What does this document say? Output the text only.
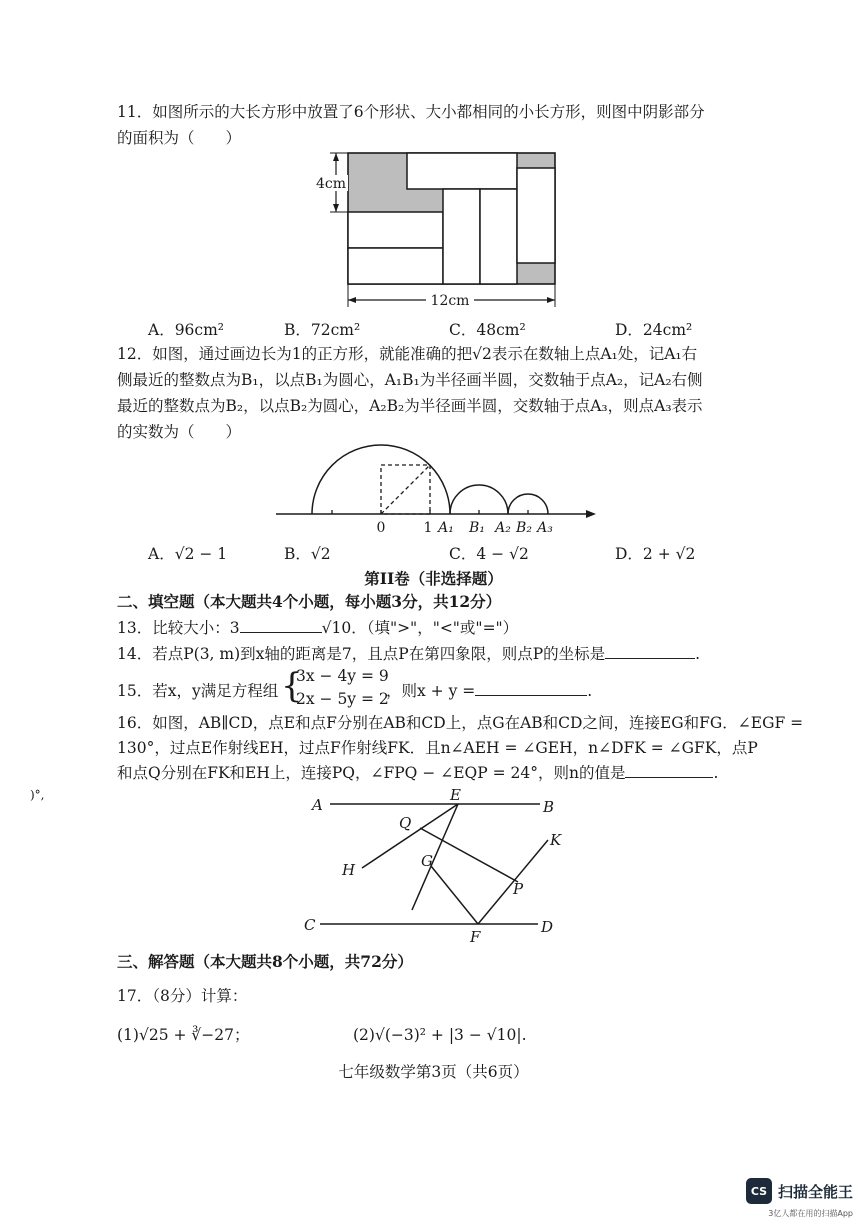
11．如图所示的大长方形中放置了6个形状、大小都相同的小长方形，则图中阴影部分
的面积为（　　）
4cm
12cm
A．96cm²	B．72cm²	C．48cm²	D．24cm²
12．如图，通过画边长为1的正方形，就能准确的把√2表示在数轴上点A₁处，记A₁右
侧最近的整数点为B₁，以点B₁为圆心，A₁B₁为半径画半圆，交数轴于点A₂，记A₂右侧
最近的整数点为B₂，以点B₂为圆心，A₂B₂为半径画半圆，交数轴于点A₃，则点A₃表示
的实数为（　　）
0	1 A₁ B₁ A₂ B₂ A₃
A．√2 − 1	B．√2	C．4 − √2	D．2 + √2
第II卷（非选择题）
二、填空题（本大题共4个小题，每小题3分，共12分）
13．比较大小：3	√10．（填">"，"<"或"="）
14．若点P(3, m)到x轴的距离是7，且点P在第四象限，则点P的坐标是	.
15．若x，y满足方程组 {
3x − 4y = 9
2x − 5y = 2
，则x + y =	.
16．如图，AB∥CD，点E和点F分别在AB和CD上，点G在AB和CD之间，连接EG和FG．∠EGF =
130°，过点E作射线EH，过点F作射线FK．且n∠AEH = ∠GEH，n∠DFK = ∠GFK，点P
和点Q分别在FK和EH上，连接PQ，∠FPQ − ∠EQP = 24°，则n的值是	.
)°,
A
E
B
Q
K
G
H
P
C
F
D
三、解答题（本大题共8个小题，共72分）
17．（8分）计算：
(1)√25 + ∛−27；	(2)√(−3)² + |3 − √10|.
七年级数学第3页（共6页）
CS 扫描全能王
3亿人都在用的扫描App
